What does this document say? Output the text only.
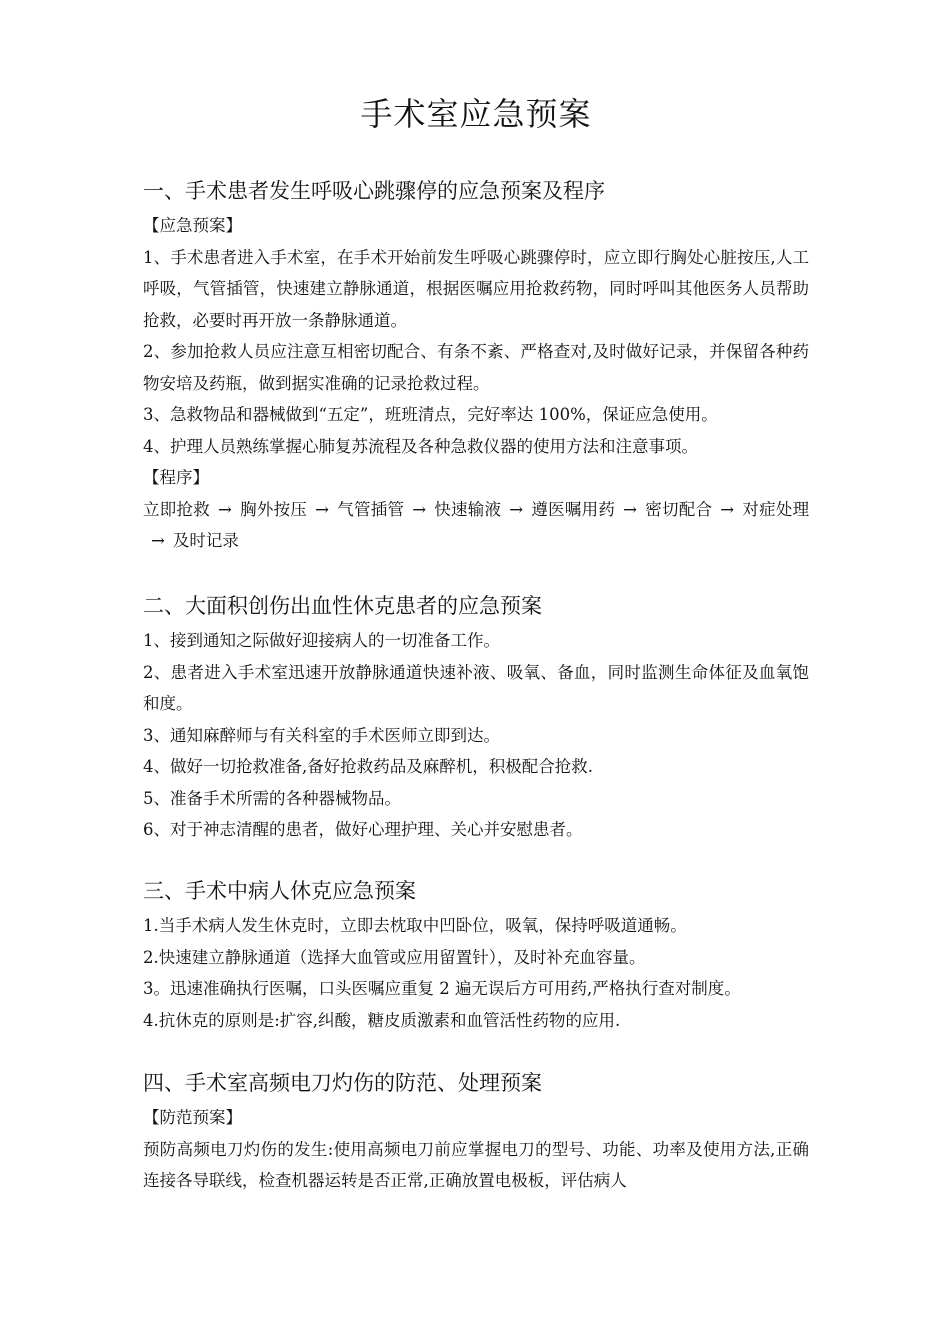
手术室应急预案
一、手术患者发生呼吸心跳骤停的应急预案及程序

【应急预案】

1、手术患者进入手术室，在手术开始前发生呼吸心跳骤停时，应立即行胸处心脏按压,人工呼吸，气管插管，快速建立静脉通道，根据医嘱应用抢救药物，同时呼叫其他医务人员帮助抢救，必要时再开放一条静脉通道。

2、参加抢救人员应注意互相密切配合、有条不紊、严格查对,及时做好记录，并保留各种药物安培及药瓶，做到据实准确的记录抢救过程。

3、急救物品和器械做到“五定”，班班清点，完好率达 100%，保证应急使用。

4、护理人员熟练掌握心肺复苏流程及各种急救仪器的使用方法和注意事项。

【程序】

立即抢救 → 胸外按压 → 气管插管 → 快速输液 → 遵医嘱用药 → 密切配合 → 对症处理→ 及时记录

二、大面积创伤出血性休克患者的应急预案

1、接到通知之际做好迎接病人的一切准备工作。

2、患者进入手术室迅速开放静脉通道快速补液、吸氧、备血，同时监测生命体征及血氧饱和度。

3、通知麻醉师与有关科室的手术医师立即到达。

4、做好一切抢救准备,备好抢救药品及麻醉机，积极配合抢救.

5、准备手术所需的各种器械物品。

6、对于神志清醒的患者，做好心理护理、关心并安慰患者。

三、手术中病人休克应急预案

1.当手术病人发生休克时，立即去枕取中凹卧位，吸氧，保持呼吸道通畅。

2.快速建立静脉通道（选择大血管或应用留置针），及时补充血容量。

3。迅速准确执行医嘱，口头医嘱应重复 2 遍无误后方可用药,严格执行查对制度。

4.抗休克的原则是:扩容,纠酸，糖皮质激素和血管活性药物的应用.

四、手术室高频电刀灼伤的防范、处理预案

【防范预案】

预防高频电刀灼伤的发生:使用高频电刀前应掌握电刀的型号、功能、功率及使用方法,正确连接各导联线，检查机器运转是否正常,正确放置电极板，评估病人
